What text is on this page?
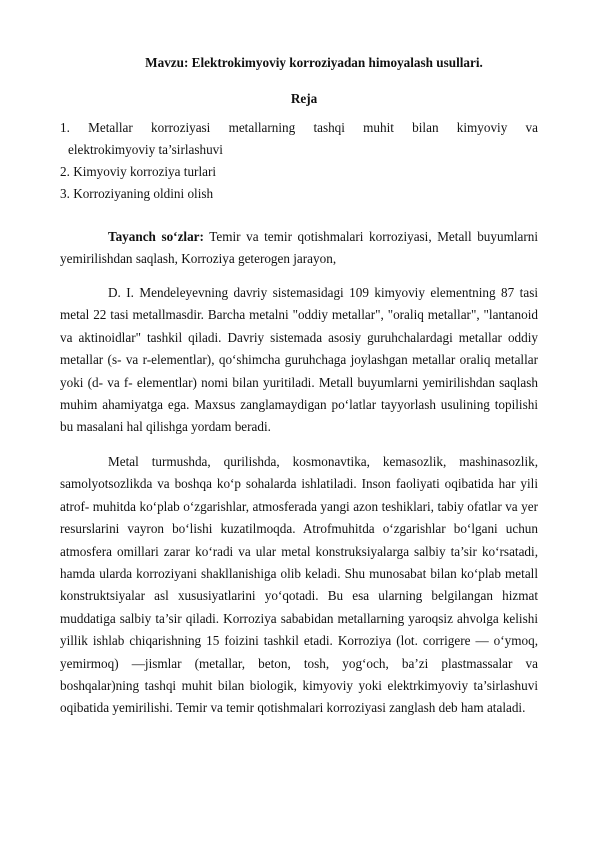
Mavzu: Elektrokimyoviy korroziyadan himoyalash usullari.
Reja

1. Metallar korroziyasi metallarning tashqi muhit bilan kimyoviy va

elektrokimyoviy ta’sirlashuvi

2. Kimyoviy korroziya turlari

3. Korroziyaning oldini olish

Tayanch so‘zlar: Temir va temir qotishmalari korroziyasi, Metall buyumlarni yemirilishdan saqlash, Korroziya geterogen jarayon,

D. I. Mendeleyevning davriy sistemasidagi 109 kimyoviy elementning 87 tasi metal 22 tasi metallmasdir. Barcha metalni "oddiy metallar", "oraliq metallar", "lantanoid va aktinoidlar" tashkil qiladi. Davriy sistemada asosiy guruhchalardagi metallar oddiy metallar (s- va r-elementlar), qo‘shimcha guruhchaga joylashgan metallar oraliq metallar yoki (d- va f- elementlar) nomi bilan yuritiladi. Metall buyumlarni yemirilishdan saqlash muhim ahamiyatga ega. Maxsus zanglamaydigan po‘latlar tayyorlash usulining topilishi bu masalani hal qilishga yordam beradi.

Metal turmushda, qurilishda, kosmonavtika, kemasozlik, mashinasozlik, samolyotsozlikda va boshqa ko‘p sohalarda ishlatiladi. Inson faoliyati oqibatida har yili atrof- muhitda ko‘plab o‘zgarishlar, atmosferada yangi azon teshiklari, tabiy ofatlar va yer resurslarini vayron bo‘lishi kuzatilmoqda. Atrofmuhitda o‘zgarishlar bo‘lgani uchun atmosfera omillari zarar ko‘radi va ular metal konstruksiyalarga salbiy ta’sir ko‘rsatadi, hamda ularda korroziyani shakllanishiga olib keladi. Shu munosabat bilan ko‘plab metall konstruktsiyalar asl xususiyatlarini yo‘qotadi. Bu esa ularning belgilangan hizmat muddatiga salbiy ta’sir qiladi. Korroziya sababidan metallarning yaroqsiz ahvolga kelishi yillik ishlab chiqarishning 15 foizini tashkil etadi. Korroziya (lot. corrigere — o‘ymoq, yemirmoq) —jismlar (metallar, beton, tosh, yog‘och, ba’zi plastmassalar va boshqalar)ning tashqi muhit bilan biologik, kimyoviy yoki elektrkimyoviy ta’sirlashuvi oqibatida yemirilishi. Temir va temir qotishmalari korroziyasi zanglash deb ham ataladi.
